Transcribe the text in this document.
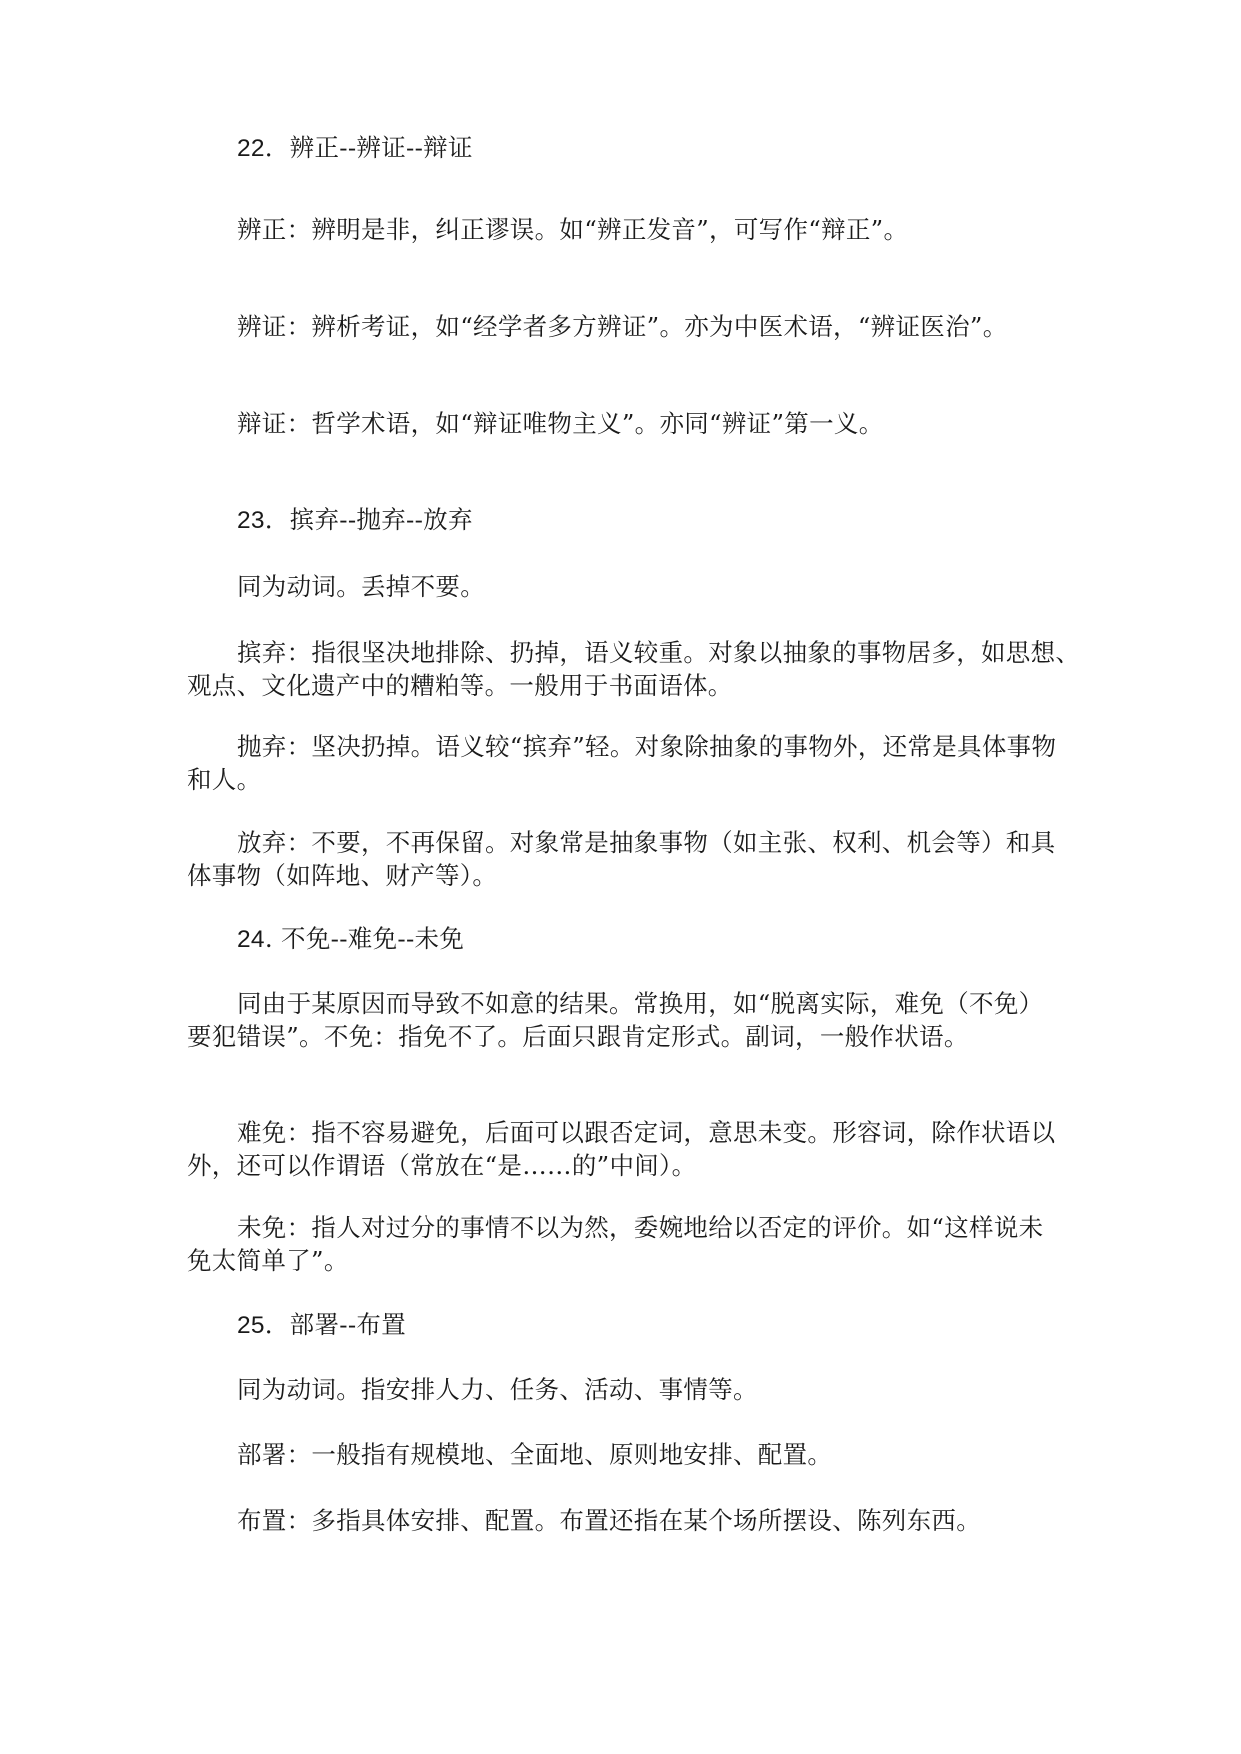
22．辨正--辨证--辩证
辨正：辨明是非，纠正谬误。如“辨正发音”，可写作“辩正”。
辨证：辨析考证，如“经学者多方辨证”。亦为中医术语，“辨证医治”。
辩证：哲学术语，如“辩证唯物主义”。亦同“辨证”第一义。
23．摈弃--抛弃--放弃
同为动词。丢掉不要。
摈弃：指很坚决地排除、扔掉，语义较重。对象以抽象的事物居多，如思想、
观点、文化遗产中的糟粕等。一般用于书面语体。
抛弃：坚决扔掉。语义较“摈弃”轻。对象除抽象的事物外，还常是具体事物
和人。
放弃：不要，不再保留。对象常是抽象事物（如主张、权利、机会等）和具
体事物（如阵地、财产等）。
24. 不免--难免--未免
同由于某原因而导致不如意的结果。常换用，如“脱离实际，难免（不免）
要犯错误”。不免：指免不了。后面只跟肯定形式。副词，一般作状语。
难免：指不容易避免，后面可以跟否定词，意思未变。形容词，除作状语以
外，还可以作谓语（常放在“是……的”中间）。
未免：指人对过分的事情不以为然，委婉地给以否定的评价。如“这样说未
免太简单了”。
25．部署--布置
同为动词。指安排人力、任务、活动、事情等。
部署：一般指有规模地、全面地、原则地安排、配置。
布置：多指具体安排、配置。布置还指在某个场所摆设、陈列东西。
